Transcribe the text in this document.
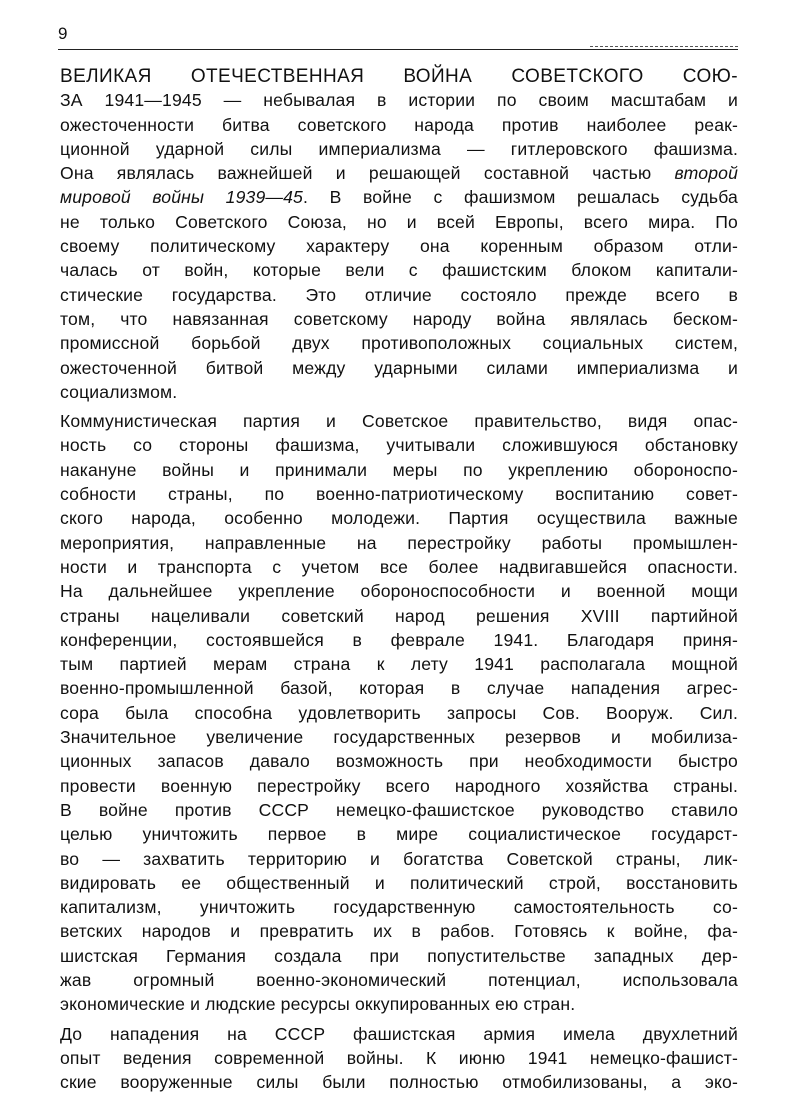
9
ВЕЛИКАЯ ОТЕЧЕСТВЕННАЯ ВОЙНА СОВЕТСКОГО СОЮ-
ЗА 1941—1945 — небывалая в истории по своим масштабам и
ожесточенности битва советского народа против наиболее реак-
ционной ударной силы империализма — гитлеровского фашизма.
Она являлась важнейшей и решающей составной частью второй
мировой войны 1939—45. В войне с фашизмом решалась судьба
не только Советского Союза, но и всей Европы, всего мира. По
своему политическому характеру она коренным образом отли-
чалась от войн, которые вели с фашистским блоком капитали-
стические государства. Это отличие состояло прежде всего в
том, что навязанная советскому народу война являлась беском-
промиссной борьбой двух противоположных социальных систем,
ожесточенной битвой между ударными силами империализма и
социализмом.
Коммунистическая партия и Советское правительство, видя опас-
ность со стороны фашизма, учитывали сложившуюся обстановку
накануне войны и принимали меры по укреплению обороноспо-
собности страны, по военно-патриотическому воспитанию совет-
ского народа, особенно молодежи. Партия осуществила важные
мероприятия, направленные на перестройку работы промышлен-
ности и транспорта с учетом все более надвигавшейся опасности.
На дальнейшее укрепление обороноспособности и военной мощи
страны нацеливали советский народ решения XVIII партийной
конференции, состоявшейся в феврале 1941. Благодаря приня-
тым партией мерам страна к лету 1941 располагала мощной
военно-промышленной базой, которая в случае нападения агрес-
сора была способна удовлетворить запросы Сов. Вооруж. Сил.
Значительное увеличение государственных резервов и мобилиза-
ционных запасов давало возможность при необходимости быстро
провести военную перестройку всего народного хозяйства страны.
В войне против СССР немецко-фашистское руководство ставило
целью уничтожить первое в мире социалистическое государст-
во — захватить территорию и богатства Советской страны, лик-
видировать ее общественный и политический строй, восстановить
капитализм, уничтожить государственную самостоятельность со-
ветских народов и превратить их в рабов. Готовясь к войне, фа-
шистская Германия создала при попустительстве западных дер-
жав огромный военно-экономический потенциал, использовала
экономические и людские ресурсы оккупированных ею стран.
До нападения на СССР фашистская армия имела двухлетний
опыт ведения современной войны. К июню 1941 немецко-фашист-
ские вооруженные силы были полностью отмобилизованы, а эко-
